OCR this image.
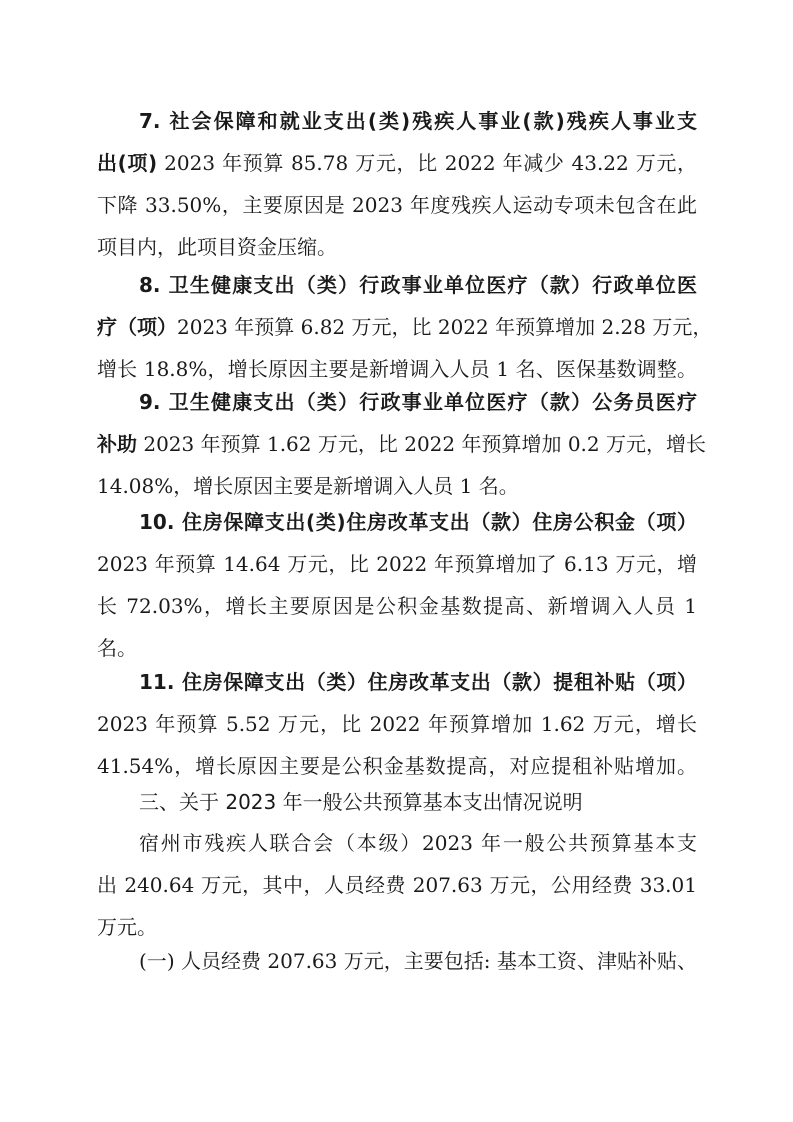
7. 社会保障和就业支出(类)残疾人事业(款)残疾人事业支
出(项) 2023 年预算 85.78 万元，比 2022 年减少 43.22 万元，
下降 33.50%，主要原因是 2023 年度残疾人运动专项未包含在此
项目内，此项目资金压缩。

8. 卫生健康支出（类）行政事业单位医疗（款）行政单位医
疗（项）2023 年预算 6.82 万元，比 2022 年预算增加 2.28 万元，
增长 18.8%，增长原因主要是新增调入人员 1 名、医保基数调整。

9. 卫生健康支出（类）行政事业单位医疗（款）公务员医疗
补助 2023 年预算 1.62 万元，比 2022 年预算增加 0.2 万元，增长
14.08%，增长原因主要是新增调入人员 1 名。

10. 住房保障支出(类)住房改革支出（款）住房公积金（项）
2023 年预算 14.64 万元，比 2022 年预算增加了 6.13 万元，增
长 72.03%，增长主要原因是公积金基数提高、新增调入人员 1
名。

11. 住房保障支出（类）住房改革支出（款）提租补贴（项）
2023 年预算 5.52 万元，比 2022 年预算增加 1.62 万元，增长
41.54%，增长原因主要是公积金基数提高，对应提租补贴增加。

三、关于 2023 年一般公共预算基本支出情况说明

宿州市残疾人联合会（本级）2023 年一般公共预算基本支
出 240.64 万元，其中，人员经费 207.63 万元，公用经费 33.01
万元。

(一) 人员经费 207.63 万元，主要包括: 基本工资、津贴补贴、
